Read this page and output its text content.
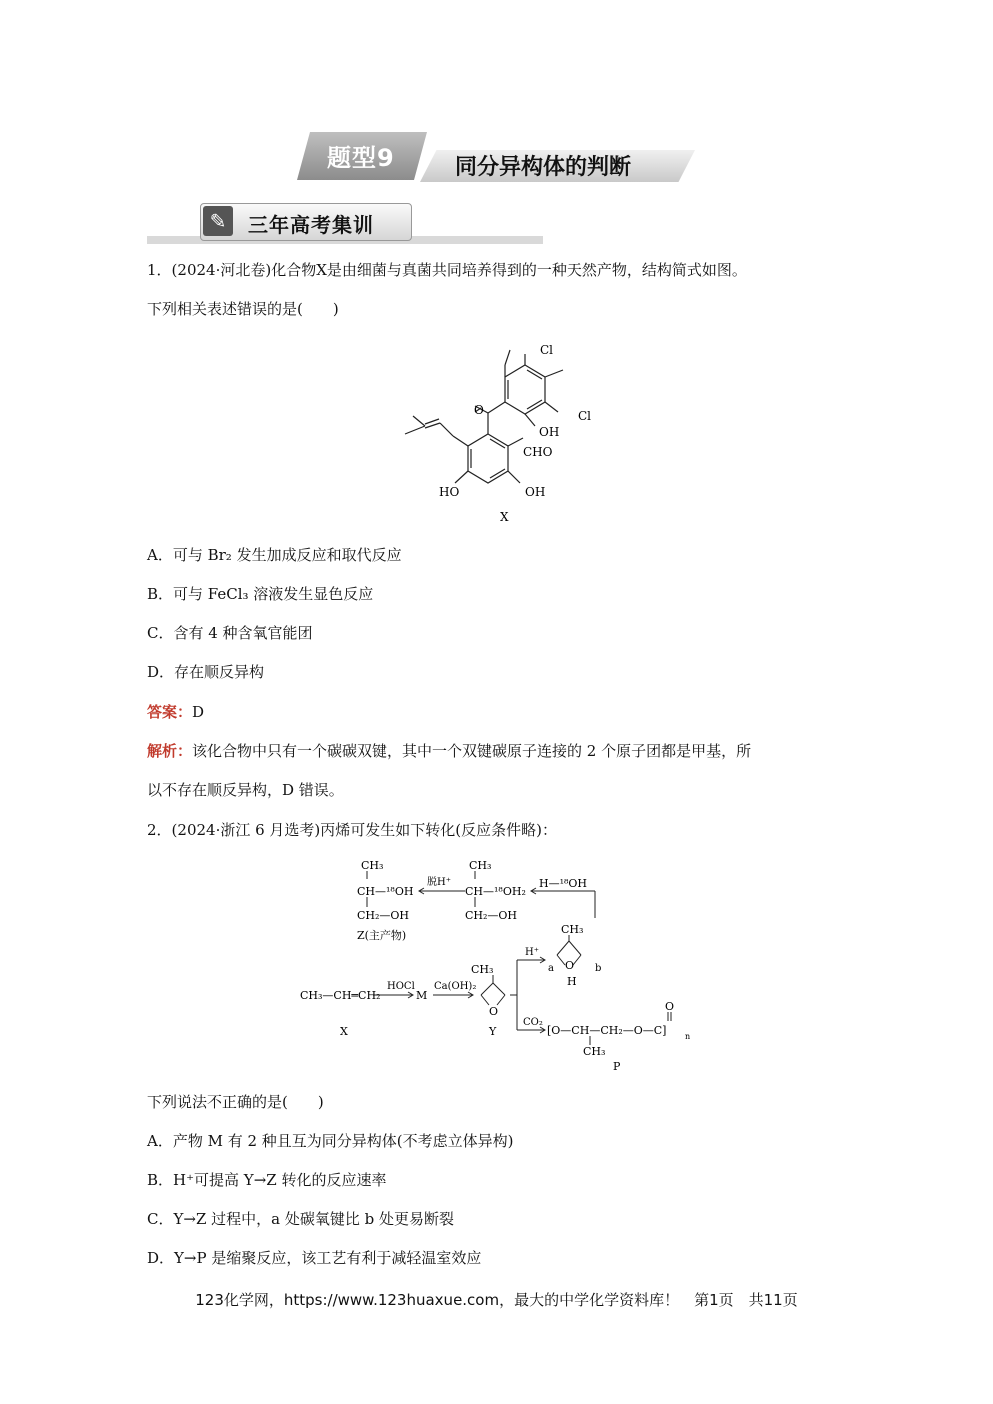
题型9	同分异构体的判断
✎	三年高考集训
1．(2024·河北卷)化合物X是由细菌与真菌共同培养得到的一种天然产物，结构简式如图。
下列相关表述错误的是(　　)
Cl
Cl
O
OH
CHO
HO	OH
X
A．可与 Br₂ 发生加成反应和取代反应
B．可与 FeCl₃ 溶液发生显色反应
C．含有 4 种含氧官能团
D．存在顺反异构
答案：D
解析：该化合物中只有一个碳碳双键，其中一个双键碳原子连接的 2 个原子团都是甲基，所
以不存在顺反异构，D 错误。
2．(2024·浙江 6 月选考)丙烯可发生如下转化(反应条件略)：
CH₃
CH—¹⁸OH
CH₂—OH
Z(主产物)
脱H⁺
CH₃
CH—¹⁸OH₂
CH₂—OH
H—¹⁸OH
CH₃—CH═CH₂
HOCl
M
Ca(OH)₂
CH₃
O
X	Y
H⁺
CH₃
a	b
O
H
CO₂
[O—CH—CH₂—O—C] n
CH₃
O
P
下列说法不正确的是(　　)
A．产物 M 有 2 种且互为同分异构体(不考虑立体异构)
B．H⁺可提高 Y→Z 转化的反应速率
C．Y→Z 过程中，a 处碳氧键比 b 处更易断裂
D．Y→P 是缩聚反应，该工艺有利于减轻温室效应
123化学网，https://www.123huaxue.com，最大的中学化学资料库！　第1页　共11页
